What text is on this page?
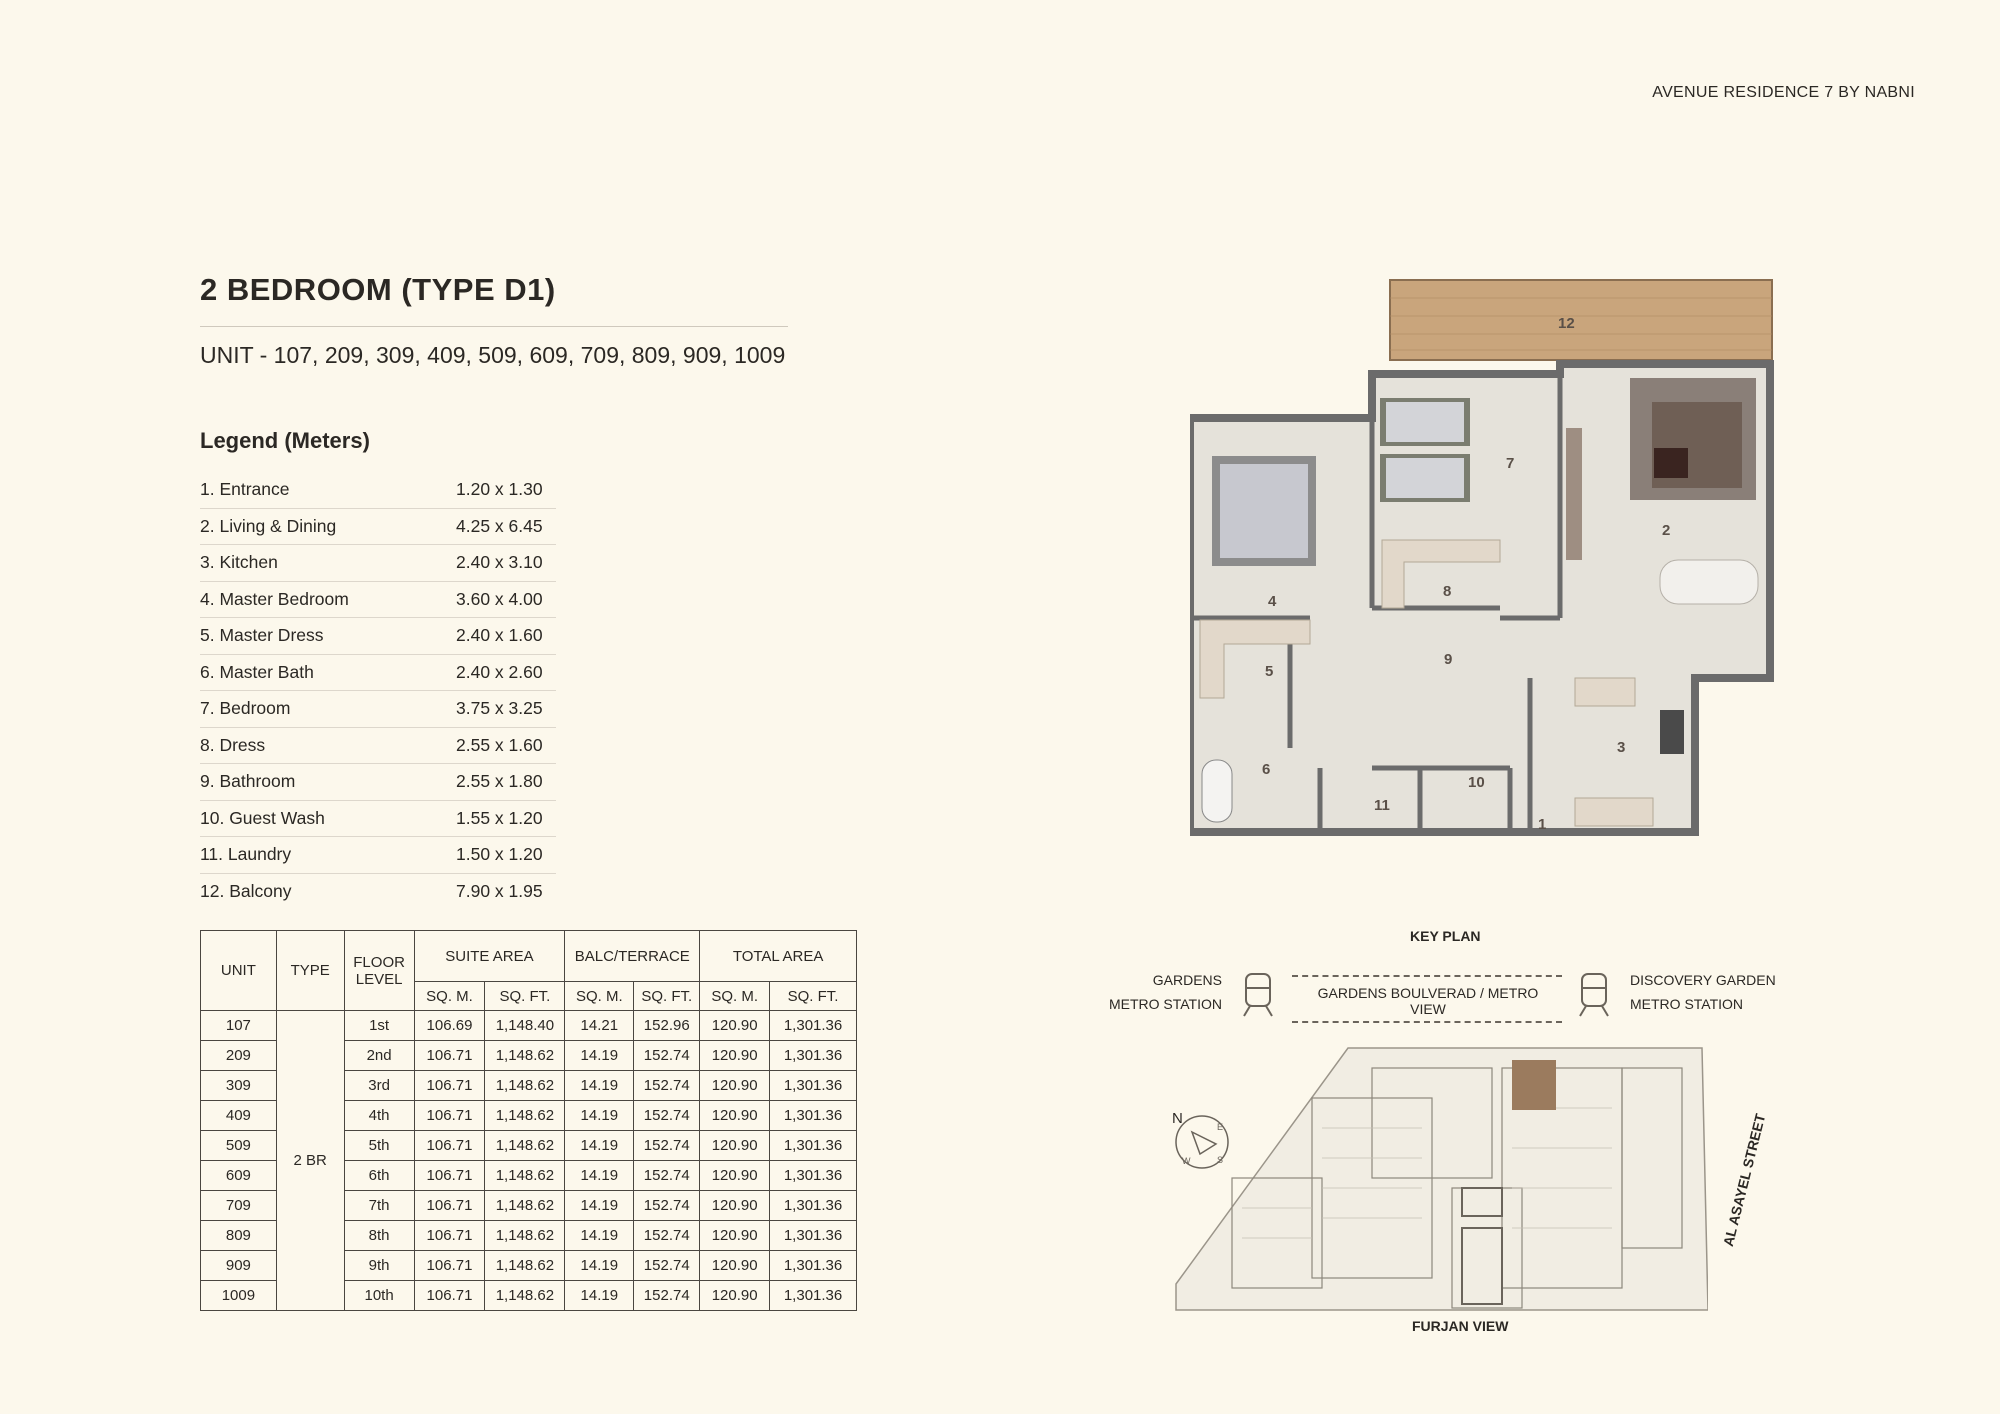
AVENUE RESIDENCE 7 BY NABNI
2 BEDROOM (TYPE D1)
UNIT - 107, 209, 309, 409, 509, 609, 709, 809, 909, 1009
Legend (Meters)
1. Entrance	1.20 x 1.30
2. Living & Dining	4.25 x 6.45
3. Kitchen	2.40 x 3.10
4. Master Bedroom	3.60 x 4.00
5. Master Dress	2.40 x 1.60
6. Master Bath	2.40 x 2.60
7. Bedroom	3.75 x 3.25
8. Dress	2.55 x 1.60
9. Bathroom	2.55 x 1.80
10. Guest Wash	1.55 x 1.20
11. Laundry	1.50 x 1.20
12. Balcony	7.90 x 1.95
UNIT	TYPE	FLOOR LEVEL	SUITE AREA		BALC/TERRACE		TOTAL AREA	
			SQ. M.	SQ. FT.	SQ. M.	SQ. FT.	SQ. M.	SQ. FT.
107	2 BR	1st	106.69	1,148.40	14.21	152.96	120.90	1,301.36
209		2nd	106.71	1,148.62	14.19	152.74	120.90	1,301.36
309		3rd	106.71	1,148.62	14.19	152.74	120.90	1,301.36
409		4th	106.71	1,148.62	14.19	152.74	120.90	1,301.36
509		5th	106.71	1,148.62	14.19	152.74	120.90	1,301.36
609		6th	106.71	1,148.62	14.19	152.74	120.90	1,301.36
709		7th	106.71	1,148.62	14.19	152.74	120.90	1,301.36
809		8th	106.71	1,148.62	14.19	152.74	120.90	1,301.36
909		9th	106.71	1,148.62	14.19	152.74	120.90	1,301.36
1009		10th	106.71	1,148.62	14.19	152.74	120.90	1,301.36
1
2
3
4
5
6
7
8
9
10
11
12
KEY PLAN
GARDENS
METRO STATION
GARDENS BOULVERAD / METRO VIEW
DISCOVERY GARDEN
METRO STATION
E
S
W
N
FURJAN VIEW
AL ASAYEL STREET
